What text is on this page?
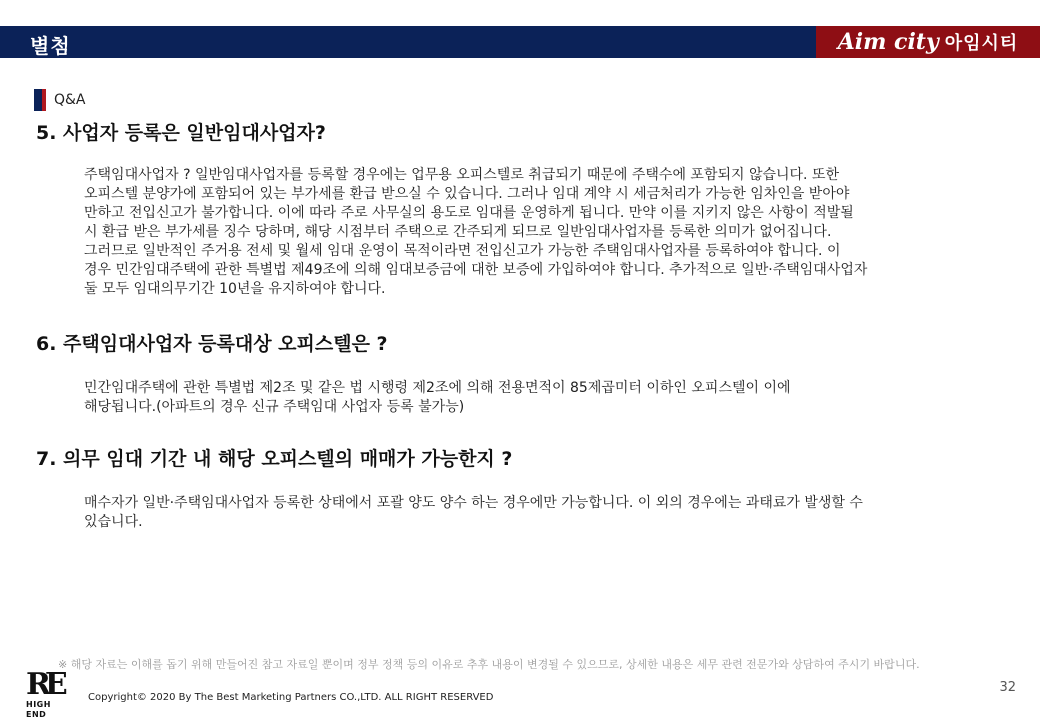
별첨	Aim city 아임시티
Q&A
5. 사업자 등록은 일반임대사업자?

주택임대사업자 ? 일반임대사업자를 등록할 경우에는 업무용 오피스텔로 취급되기 때문에 주택수에 포함되지 않습니다. 또한

오피스텔 분양가에 포함되어 있는 부가세를 환급 받으실 수 있습니다. 그러나 임대 계약 시 세금처리가 가능한 임차인을 받아야

만하고 전입신고가 불가합니다. 이에 따라 주로 사무실의 용도로 임대를 운영하게 됩니다. 만약 이를 지키지 않은 사항이 적발될

시 환급 받은 부가세를 징수 당하며, 해당 시점부터 주택으로 간주되게 되므로 일반임대사업자를 등록한 의미가 없어집니다.

그러므로 일반적인 주거용 전세 및 월세 임대 운영이 목적이라면 전입신고가 가능한 주택임대사업자를 등록하여야 합니다. 이

경우 민간임대주택에 관한 특별법 제49조에 의해 임대보증금에 대한 보증에 가입하여야 합니다. 추가적으로 일반·주택임대사업자

둘 모두 임대의무기간 10년을 유지하여야 합니다.

6. 주택임대사업자 등록대상 오피스텔은 ?

민간임대주택에 관한 특별법 제2조 및 같은 법 시행령 제2조에 의해 전용면적이 85제곱미터 이하인 오피스텔이 이에

해당됩니다.(아파트의 경우 신규 주택임대 사업자 등록 불가능)

7. 의무 임대 기간 내 해당 오피스텔의 매매가 가능한지 ?

매수자가 일반·주택임대사업자 등록한 상태에서 포괄 양도 양수 하는 경우에만 가능합니다. 이 외의 경우에는 과태료가 발생할 수

있습니다.

※ 해당 자료는 이해를 돕기 위해 만들어진 참고 자료일 뿐이며 정부 정책 등의 이유로 추후 내용이 변경될 수 있으므로, 상세한 내용은 세무 관련 전문가와 상담하여 주시기 바랍니다.
RE
HIGH END
Copyright© 2020 By The Best Marketing Partners CO.,LTD. ALL RIGHT RESERVED
32
